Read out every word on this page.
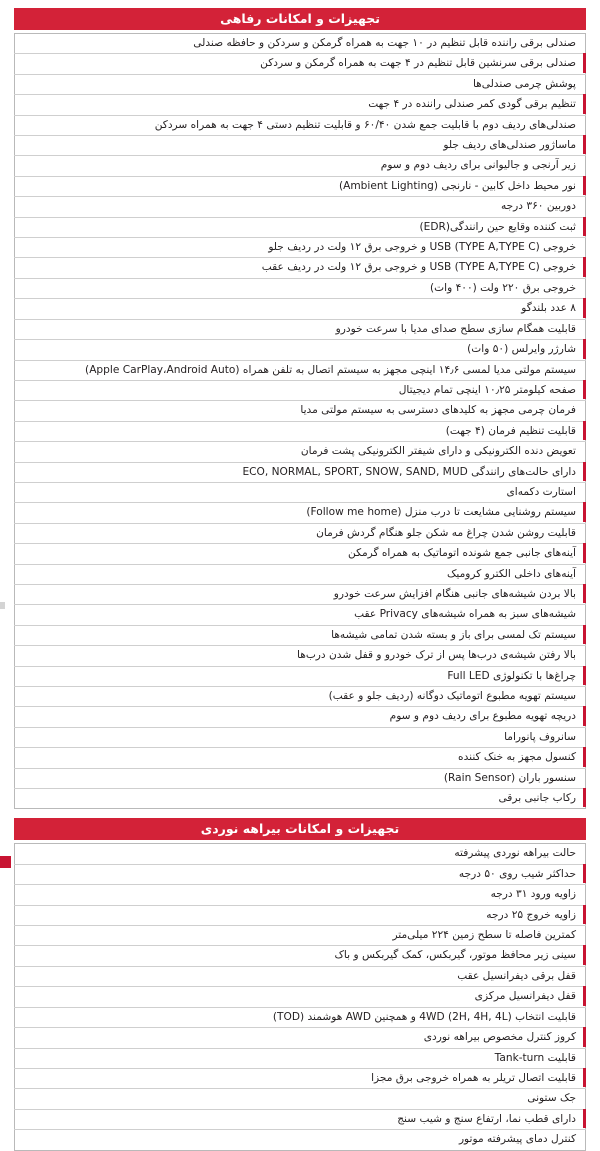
تجهیزات و امکانات رفاهی
صندلی برقی راننده قابل تنظیم در ۱۰ جهت به همراه گرمکن و سردکن و حافظه صندلی
صندلی برقی سرنشین قابل تنظیم در ۴ جهت به همراه گرمکن و سردکن
پوشش چرمی صندلی‌ها
تنظیم برقی گودی کمر صندلی راننده در ۴ جهت
صندلی‌های ردیف دوم با قابلیت جمع شدن ۶۰/۴۰ و قابلیت تنظیم دستی ۴ جهت به همراه سردکن
ماساژور صندلی‌های ردیف جلو
زیر آرنجی و جالیوانی برای ردیف دوم و سوم
نور محیط داخل کابین - نارنجی (Ambient Lighting)
دوربین ۳۶۰ درجه
ثبت کننده وقایع حین رانندگی(EDR)
خروجی USB (TYPE A,TYPE C) و خروجی برق ۱۲ ولت در ردیف جلو
خروجی USB (TYPE A,TYPE C) و خروجی برق ۱۲ ولت در ردیف عقب
خروجی برق ۲۲۰ ولت (۴۰۰ وات)
۸ عدد بلندگو
قابلیت همگام سازی سطح صدای مدیا با سرعت خودرو
شارژر وایرلس (۵۰ وات)
سیستم مولتی مدیا لمسی ۱۴٫۶ اینچی مجهز به سیستم اتصال به تلفن همراه (Apple CarPlay،Android Auto)
صفحه کیلومتر ۱۰٫۲۵ اینچی تمام دیجیتال
فرمان چرمی مجهز به کلیدهای دسترسی به سیستم مولتی مدیا
قابلیت تنظیم فرمان (۴ جهت)
تعویض دنده الکترونیکی و دارای شیفتر الکترونیکی پشت فرمان
دارای حالت‌های رانندگی ECO, NORMAL, SPORT, SNOW, SAND, MUD
استارت دکمه‌ای
سیستم روشنایی مشایعت تا درب منزل (Follow me home)
قابلیت روشن شدن چراغ مه شکن جلو هنگام گردش فرمان
آینه‌های جانبی جمع شونده اتوماتیک به همراه گرمکن
آینه‌های داخلی الکترو کرومیک
بالا بردن شیشه‌های جانبی هنگام افزایش سرعت خودرو
شیشه‌های سبز به همراه شیشه‌های Privacy عقب
سیستم تک لمسی برای باز و بسته شدن تمامی شیشه‌ها
بالا رفتن شیشه‌ی درب‌ها پس از ترک خودرو و قفل شدن درب‌ها
چراغ‌ها با تکنولوژی Full LED
سیستم تهویه مطبوع اتوماتیک دوگانه (ردیف جلو و عقب)
دریچه تهویه مطبوع برای ردیف دوم و سوم
سانروف پانوراما
کنسول مجهز به خنک کننده
سنسور باران (Rain Sensor)
رکاب جانبی برقی
تجهیزات و امکانات بیراهه نوردی
حالت بیراهه نوردی پیشرفته
حداکثر شیب روی ۵۰ درجه
زاویه ورود ۳۱ درجه
زاویه خروج ۲۵ درجه
کمترین فاصله تا سطح زمین ۲۲۴ میلی‌متر
سینی زیر محافظ موتور، گیربکس، کمک گیربکس و باک
قفل برقی دیفرانسیل عقب
قفل دیفرانسیل مرکزی
قابلیت انتخاب (2H, 4H, 4L) 4WD و همچنین AWD هوشمند (TOD)
کروز کنترل مخصوص بیراهه نوردی
قابلیت Tank-turn
قابلیت اتصال تریلر به همراه خروجی برق مجزا
جک ستونی
دارای قطب نما، ارتفاع سنج و شیب سنج
کنترل دمای پیشرفته موتور
